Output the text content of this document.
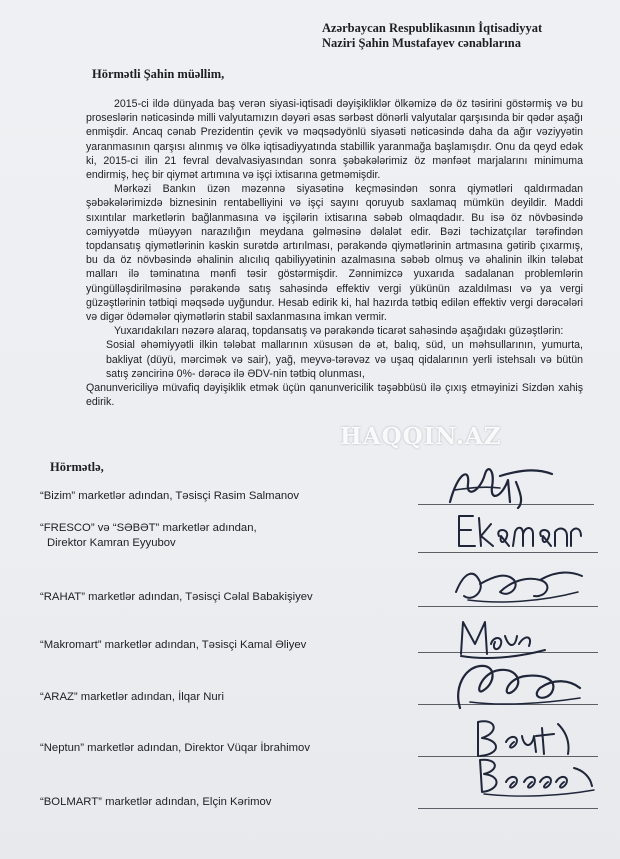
Azərbaycan Respublikasının İqtisadiyyat
Naziri Şahin Mustafayev cənablarına
Hörmətli Şahin müəllim,

2015-ci ildə dünyada baş verən siyasi-iqtisadi dəyişikliklər ölkəmizə də öz təsirini göstərmiş və bu proseslərin nəticəsində milli valyutamızın dəyəri əsas sərbəst dönərli valyutalar qarşısında bir qədər aşağı enmişdir. Ancaq cənab Prezidentin çevik və məqsədyönlü siyasəti nəticəsində daha da ağır vəziyyətin yaranmasının qarşısı alınmış və ölkə iqtisadiyyatında stabillik yaranmağa başlamışdır. Onu da qeyd edək ki, 2015-ci ilin 21 fevral devalvasiyasından sonra şəbəkələrimiz öz mənfəət marjalarını minimuma endirmiş, heç bir qiymət artımına və işçi ixtisarına getməmişdir.

Mərkəzi Bankın üzən məzənnə siyasətinə keçməsindən sonra qiymətləri qaldırmadan şəbəkələrimizdə biznesinin rentabelliyini və işçi sayını qoruyub saxlamaq mümkün deyildir. Maddi sıxıntılar marketlərin bağlanmasına və işçilərin ixtisarına səbəb olmaqdadır. Bu isə öz növbəsində cəmiyyətdə müəyyən narazılığın meydana gəlməsinə dəlalət edir. Bəzi təchizatçılar tərəfindən topdansatış qiymətlərinin kəskin surətdə artırılması, pərakəndə qiymətlərinin artmasına gətirib çıxarmış, bu da öz növbəsində əhalinin alıcılıq qabiliyyətinin azalmasına səbəb olmuş və əhalinin ilkin tələbat malları ilə təminatına mənfi təsir göstərmişdir. Zənnimizcə yuxarıda sadalanan problemlərin yüngülləşdirilməsinə pərakəndə satış sahəsində effektiv vergi yükünün azaldılması və ya vergi güzəştlərinin tətbiqi məqsədə uyğundur. Hesab edirik ki, hal hazırda tətbiq edilən effektiv vergi dərəcələri və digər ödəmələr qiymətlərin stabil saxlanmasına imkan vermir.

Yuxarıdakıları nəzərə alaraq, topdansatış və pərakəndə ticarət sahəsində aşağıdakı güzəştlərin:

Sosial əhəmiyyətli ilkin tələbat mallarının xüsusən də ət, balıq, süd, un məhsullarının, yumurta, bakliyat (düyü, mərcimək və sair), yağ, meyvə-tərəvəz və uşaq qidalarının yerli istehsalı və bütün satış zəncirinə 0%- dərəcə ilə ƏDV-nin tətbiq olunması,

Qanunvericiliyə müvafiq dəyişiklik etmək üçün qanunvericilik təşəbbüsü ilə çıxış etməyinizi Sizdən xahiş edirik.

HAQQIN.AZ
Hörmətlə,
“Bizim” marketlər adından, Təsisçi Rasim Salmanov
“FRESCO” və “SƏBƏT” marketlər adından,
Direktor Kamran Eyyubov
“RAHAT” marketlər adından, Təsisçi Cəlal Babakişiyev
“Makromart” marketlər adından, Təsisçi Kamal Əliyev
“ARAZ” marketlər adından, İlqar Nuri
“Neptun” marketlər adından, Direktor Vüqar İbrahimov
“BOLMART” marketlər adından, Elçin Kərimov
